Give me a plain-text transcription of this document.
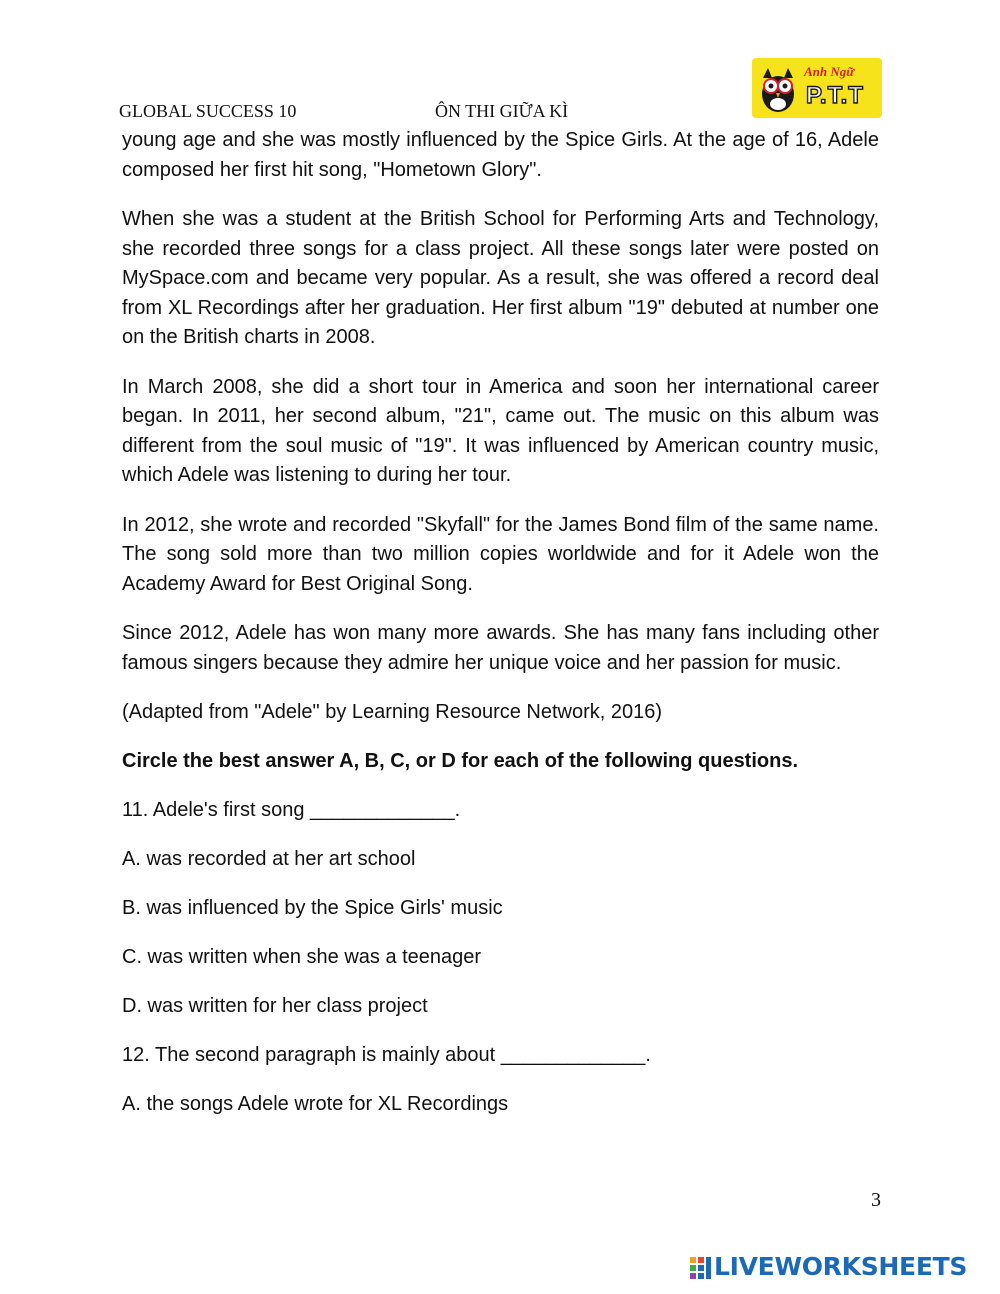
GLOBAL SUCCESS 10	ÔN THI GIỮA KÌ
Anh Ngữ
P.T.T

young age and she was mostly influenced by the Spice Girls. At the age of 16, Adele composed her first hit song, "Hometown Glory".

When she was a student at the British School for Performing Arts and Technology, she recorded three songs for a class project. All these songs later were posted on MySpace.com and became very popular. As a result, she was offered a record deal from XL Recordings after her graduation. Her first album "19" debuted at number one on the British charts in 2008.

In March 2008, she did a short tour in America and soon her international career began. In 2011, her second album, "21", came out. The music on this album was different from the soul music of "19". It was influenced by American country music, which Adele was listening to during her tour.

In 2012, she wrote and recorded "Skyfall" for the James Bond film of the same name. The song sold more than two million copies worldwide and for it Adele won the Academy Award for Best Original Song.

Since 2012, Adele has won many more awards. She has many fans including other famous singers because they admire her unique voice and her passion for music.

(Adapted from "Adele" by Learning Resource Network, 2016)

Circle the best answer A, B, C, or D for each of the following questions.

11. Adele's first song _____________.

A. was recorded at her art school

B. was influenced by the Spice Girls' music

C. was written when she was a teenager

D. was written for her class project

12. The second paragraph is mainly about _____________.

A. the songs Adele wrote for XL Recordings

3
LIVEWORKSHEETS
